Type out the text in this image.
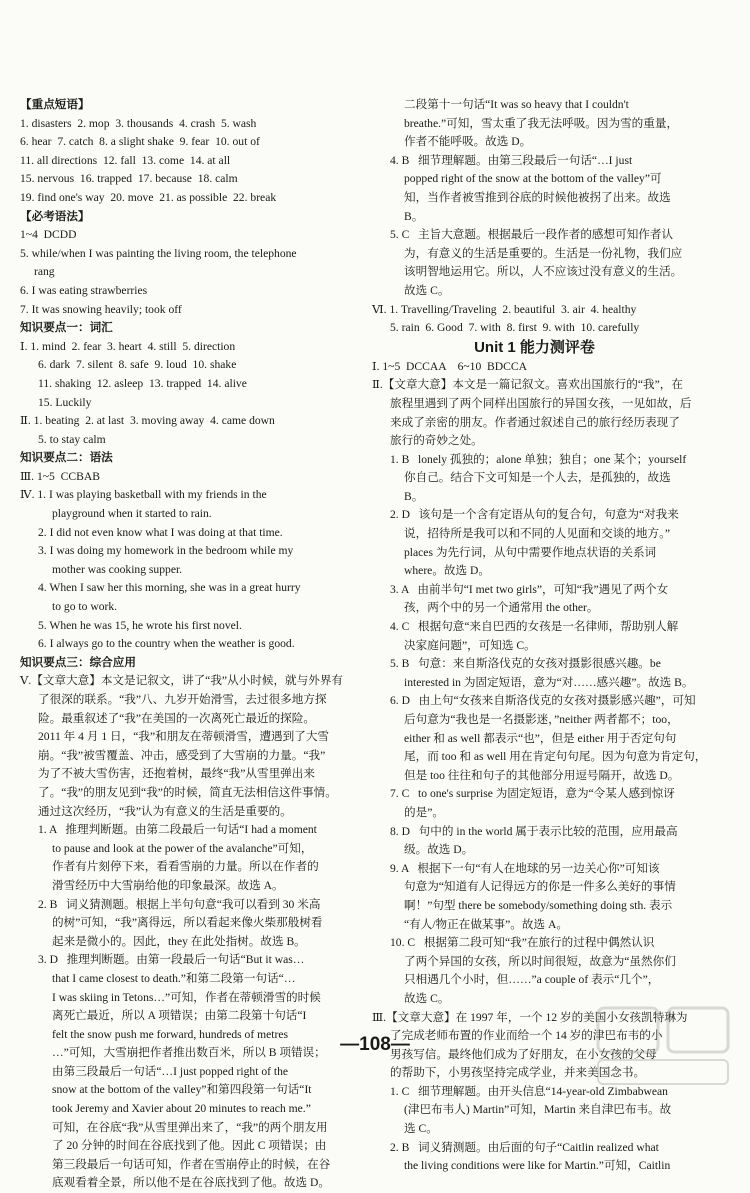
【重点短语】
1. disasters  2. mop  3. thousands  4. crash  5. wash
6. hear  7. catch  8. a slight shake  9. fear  10. out of
11. all directions  12. fall  13. come  14. at all
15. nervous  16. trapped  17. because  18. calm
19. find one's way  20. move  21. as possible  22. break
【必考语法】
1~4  DCDD
5. while/when I was painting the living room, the telephone
rang
6. I was eating strawberries
7. It was snowing heavily; took off
知识要点一：词汇
Ⅰ. 1. mind  2. fear  3. heart  4. still  5. direction
6. dark  7. silent  8. safe  9. loud  10. shake
11. shaking  12. asleep  13. trapped  14. alive
15. Luckily
Ⅱ. 1. beating  2. at last  3. moving away  4. came down
5. to stay calm
知识要点二：语法
Ⅲ. 1~5  CCBAB
Ⅳ. 1. I was playing basketball with my friends in the
playground when it started to rain.
2. I did not even know what I was doing at that time.
3. I was doing my homework in the bedroom while my
mother was cooking supper.
4. When I saw her this morning, she was in a great hurry
to go to work.
5. When he was 15, he wrote his first novel.
6. I always go to the country when the weather is good.
知识要点三：综合应用
Ⅴ.【文章大意】本文是记叙文，讲了“我”从小时候，就与外界有
了很深的联系。“我”八、九岁开始滑雪，去过很多地方探
险。最重叙述了“我”在美国的一次离死亡最近的探险。
2011 年 4 月 1 日，“我”和朋友在蒂顿滑雪，遭遇到了大雪
崩。“我”被雪覆盖、冲击，感受到了大雪崩的力量。“我”
为了不被大雪伤害，还抱着树，最终“我”从雪里弹出来
了。“我”的朋友见到“我”的时候，简直无法相信这件事情。
通过这次经历，“我”认为有意义的生活是重要的。
1. A   推理判断题。由第二段最后一句话“I had a moment
to pause and look at the power of the avalanche”可知，
作者有片刻停下来，看看雪崩的力量。所以在作者的
滑雪经历中大雪崩给他的印象最深。故选 A。
2. B   词义猜测题。根据上半句句意“我可以看到 30 米高
的树”可知，“我”离得远，所以看起来像火柴那般树看
起来是微小的。因此，they 在此处指树。故选 B。
3. D   推理判断题。由第一段最后一句话“But it was…
that I came closest to death.”和第二段第一句话“…
I was skiing in Tetons…”可知，作者在蒂顿滑雪的时候
离死亡最近，所以 A 项错误；由第二段第十句话“I
felt the snow push me forward, hundreds of metres
…”可知，大雪崩把作者推出数百米，所以 B 项错误；
由第三段最后一句话“…I just popped right of the
snow at the bottom of the valley”和第四段第一句话“It
took Jeremy and Xavier about 20 minutes to reach me.”
可知，在谷底“我”从雪里弹出来了，“我”的两个朋友用
了 20 分钟的时间在谷底找到了他。因此 C 项错误；由
第三段最后一句话可知，作者在雪崩停止的时候，在谷
底观看着全景，所以他不是在谷底找到了他。故选 D。
二段第十一句话“It was so heavy that I couldn't
breathe.”可知，雪太重了我无法呼吸。因为雪的重量，
作者不能呼吸。故选 D。
4. B   细节理解题。由第三段最后一句话“…I just
popped right of the snow at the bottom of the valley”可
知，当作者被雪推到谷底的时候他被拐了出来。故选
B。
5. C   主旨大意题。根据最后一段作者的感想可知作者认
为，有意义的生活是重要的。生活是一份礼物，我们应
该明智地运用它。所以，人不应该过没有意义的生活。
故选 C。
Ⅵ. 1. Travelling/Traveling  2. beautiful  3. air  4. healthy
5. rain  6. Good  7. with  8. first  9. with  10. carefully
Unit 1 能力测评卷
Ⅰ. 1~5  DCCAA    6~10  BDCCA
Ⅱ.【文章大意】本文是一篇记叙文。喜欢出国旅行的“我”，在
旅程里遇到了两个同样出国旅行的异国女孩，一见如故，后
来成了亲密的朋友。作者通过叙述自己的旅行经历表现了
旅行的奇妙之处。
1. B   lonely 孤独的；alone 单独；独自；one 某个；yourself
你自己。结合下文可知是一个人去，是孤独的，故选
B。
2. D   该句是一个含有定语从句的复合句，句意为“对我来
说，招待所是我可以和不同的人见面和交谈的地方。”
places 为先行词，从句中需要作地点状语的关系词
where。故选 D。
3. A   由前半句“I met two girls”，可知“我”遇见了两个女
孩，两个中的另一个通常用 the other。
4. C   根据句意“来自巴西的女孩是一名律师，帮助别人解
决家庭问题”，可知选 C。
5. B   句意：来自斯洛伐克的女孩对摄影很感兴趣。be
interested in 为固定短语，意为“对……感兴趣”。故选 B。
6. D   由上句“女孩来自斯洛伐克的女孩对摄影感兴趣”，可知
后句意为“我也是一名摄影迷，”neither 两者都不；too，
either 和 as well 都表示“也”，但是 either 用于否定句句
尾，而 too 和 as well 用在肯定句句尾。因为句意为肯定句，
但是 too 往往和句子的其他部分用逗号隔开，故选 D。
7. C   to one's surprise 为固定短语，意为“令某人感到惊讶
的是”。
8. D   句中的 in the world 属于表示比较的范围，应用最高
级。故选 D。
9. A   根据下一句“有人在地球的另一边关心你”可知该
句意为“知道有人记得远方的你是一件多么美好的事情
啊！”句型 there be somebody/something doing sth. 表示
“有人/物正在做某事”。故选 A。
10. C   根据第二段可知“我”在旅行的过程中偶然认识
了两个异国的女孩，所以时间很短，故意为“虽然你们
只相遇几个小时，但……”a couple of 表示“几个”，
故选 C。
Ⅲ.【文章大意】在 1997 年，一个 12 岁的美国小女孩凯特琳为
了完成老师布置的作业而给一个 14 岁的津巴布韦的小
男孩写信。最终他们成为了好朋友，在小女孩的父母
的帮助下，小男孩坚持完成学业，并来美国念书。
1. C   细节理解题。由开头信息“14-year-old Zimbabwean
(津巴布韦人) Martin”可知，Martin 来自津巴布韦。故
选 C。
2. B   词义猜测题。由后面的句子“Caitlin realized what
the living conditions were like for Martin.”可知，Caitlin
—108—
